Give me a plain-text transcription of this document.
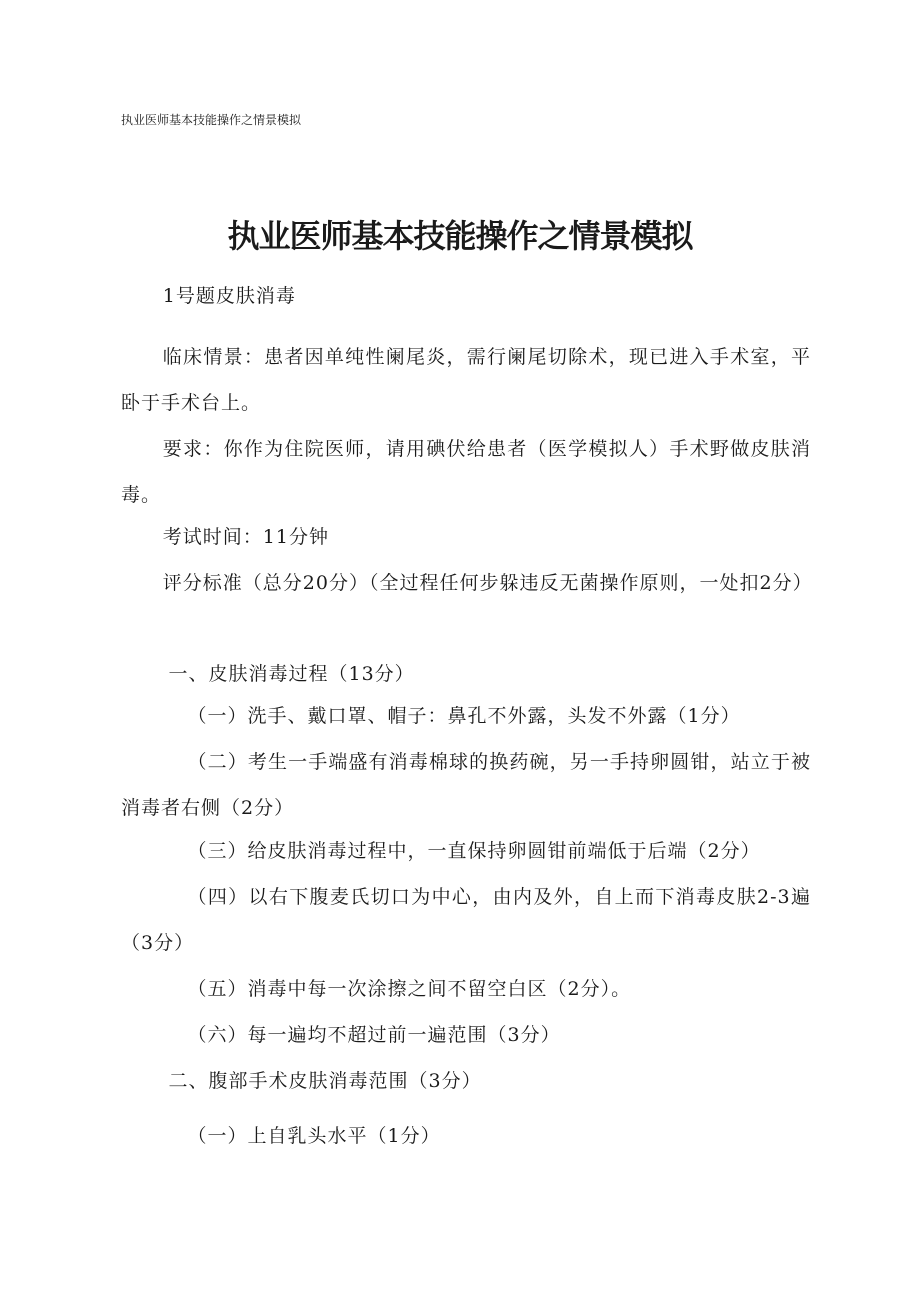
执业医师基本技能操作之情景模拟
执业医师基本技能操作之情景模拟

1号题皮肤消毒

临床情景：患者因单纯性阑尾炎，需行阑尾切除术，现已进入手术室，平卧于手术台上。

要求：你作为住院医师，请用碘伏给患者（医学模拟人）手术野做皮肤消毒。

考试时间：11分钟

评分标准（总分20分）（全过程任何步躲违反无菌操作原则，一处扣2分）

一、皮肤消毒过程（13分）

（一）洗手、戴口罩、帽子：鼻孔不外露，头发不外露（1分）

（二）考生一手端盛有消毒棉球的换药碗，另一手持卵圆钳，站立于被消毒者右侧（2分）

（三）给皮肤消毒过程中，一直保持卵圆钳前端低于后端（2分）

（四）以右下腹麦氏切口为中心，由内及外，自上而下消毒皮肤2-3遍（3分）

（五）消毒中每一次涂擦之间不留空白区（2分）。

（六）每一遍均不超过前一遍范围（3分）

二、腹部手术皮肤消毒范围（3分）

（一）上自乳头水平（1分）
